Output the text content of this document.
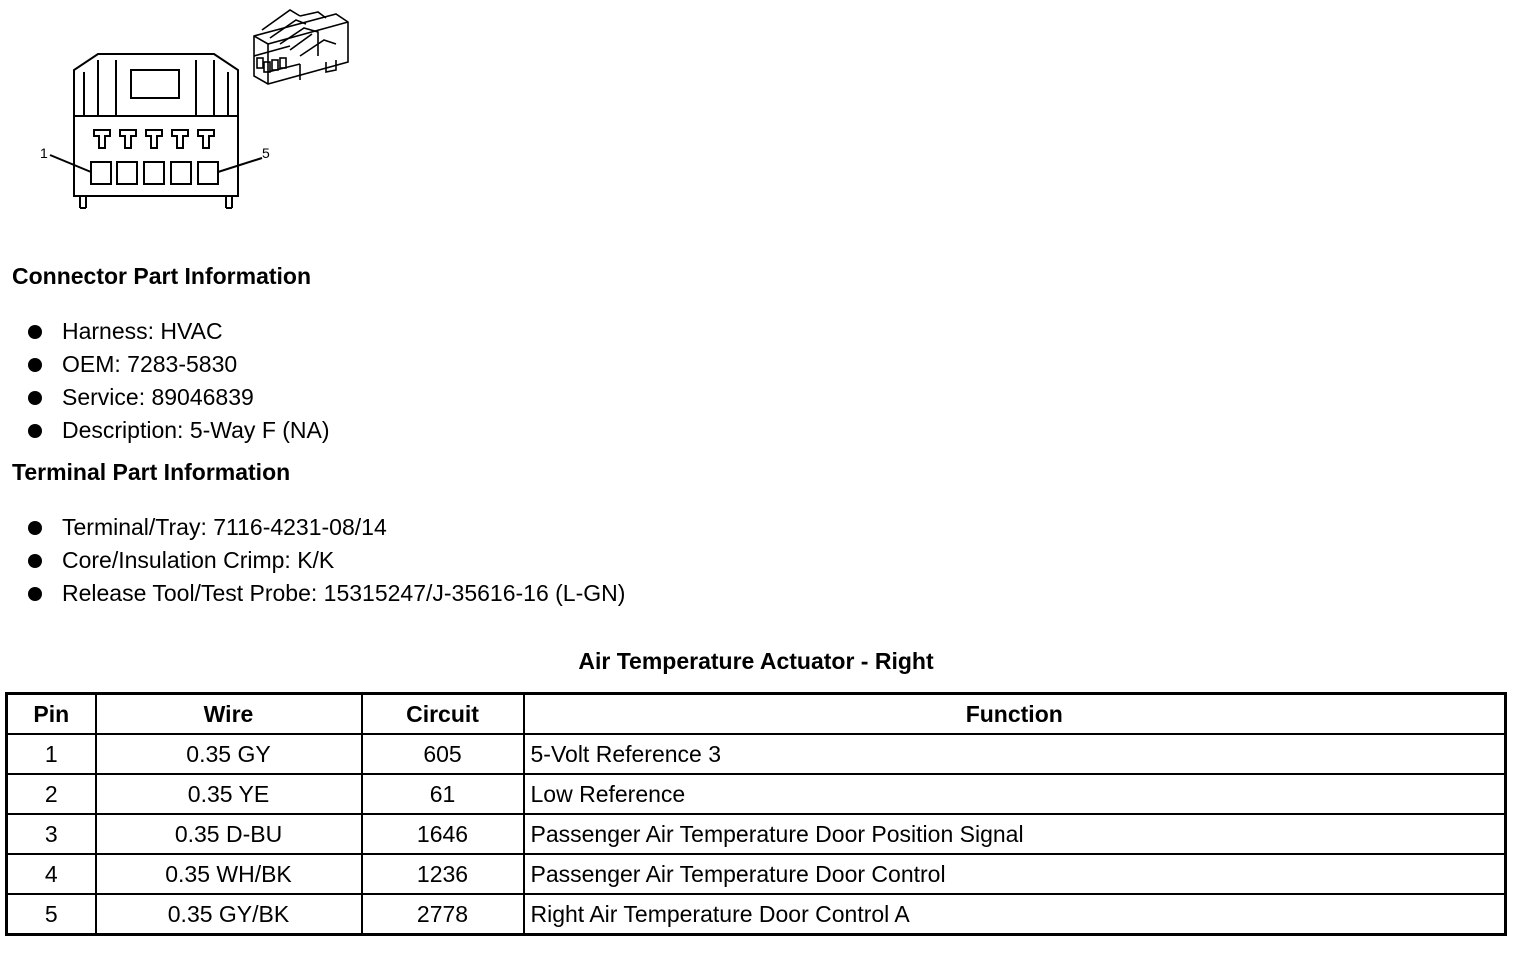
1	5
Connector Part Information
Harness: HVAC
OEM: 7283-5830
Service: 89046839
Description: 5-Way F (NA)
Terminal Part Information
Terminal/Tray: 7116-4231-08/14
Core/Insulation Crimp: K/K
Release Tool/Test Probe: 15315247/J-35616-16 (L-GN)
Air Temperature Actuator - Right
Pin	Wire	Circuit	Function
1	0.35 GY	605	5-Volt Reference 3
2	0.35 YE	61	Low Reference
3	0.35 D-BU	1646	Passenger Air Temperature Door Position Signal
4	0.35 WH/BK	1236	Passenger Air Temperature Door Control
5	0.35 GY/BK	2778	Right Air Temperature Door Control A
